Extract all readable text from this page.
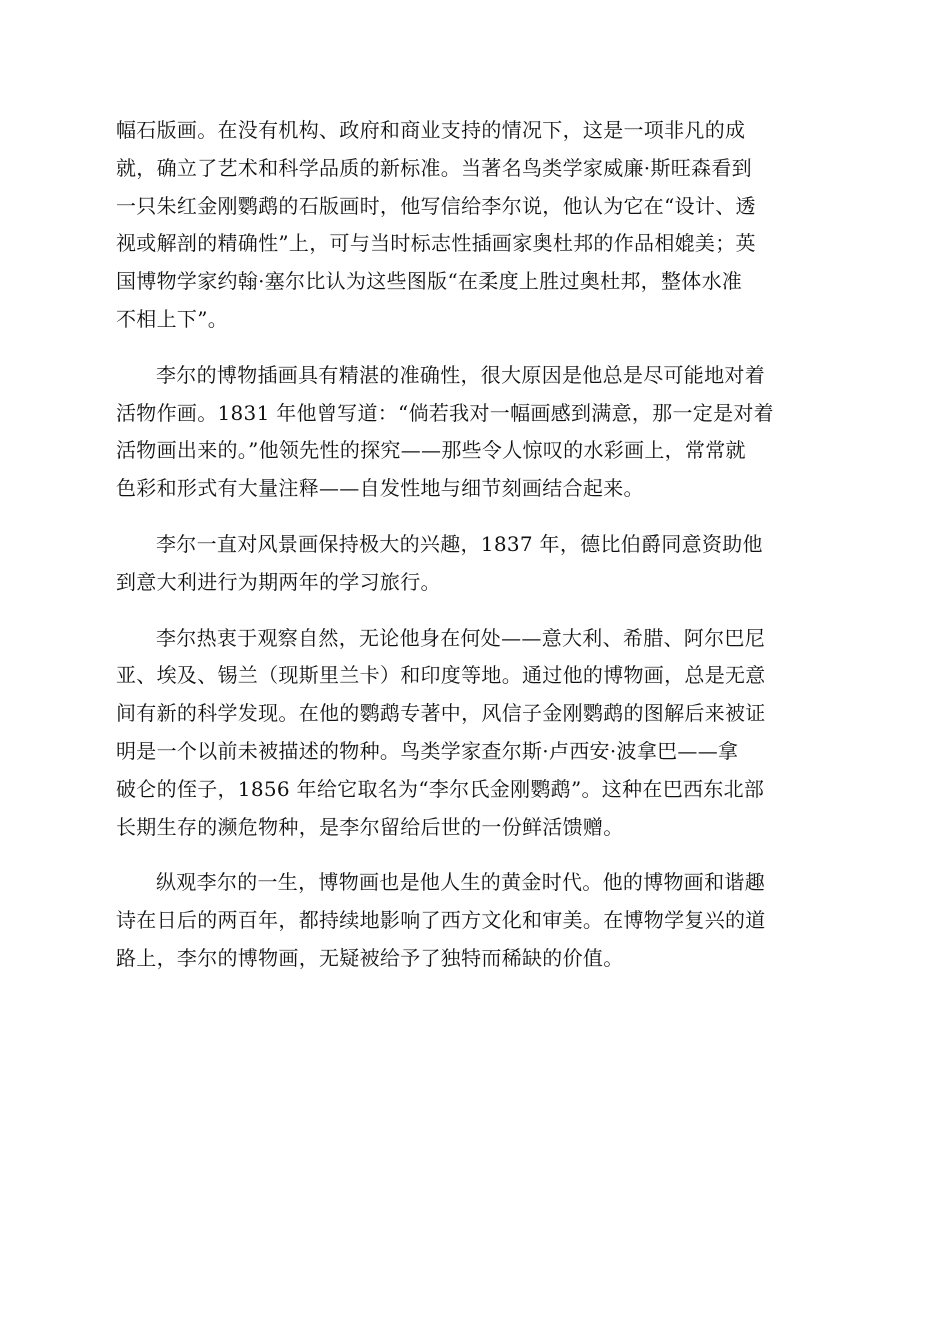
幅石版画。在没有机构、政府和商业支持的情况下，这是一项非凡的成
就，确立了艺术和科学品质的新标准。当著名鸟类学家威廉·斯旺森看到
一只朱红金刚鹦鹉的石版画时，他写信给李尔说，他认为它在“设计、透
视或解剖的精确性”上，可与当时标志性插画家奥杜邦的作品相媲美；英
国博物学家约翰·塞尔比认为这些图版“在柔度上胜过奥杜邦，整体水准
不相上下”。

李尔的博物插画具有精湛的准确性，很大原因是他总是尽可能地对着
活物作画。1831 年他曾写道：“倘若我对一幅画感到满意，那一定是对着
活物画出来的。”他领先性的探究——那些令人惊叹的水彩画上，常常就
色彩和形式有大量注释——自发性地与细节刻画结合起来。

李尔一直对风景画保持极大的兴趣，1837 年，德比伯爵同意资助他
到意大利进行为期两年的学习旅行。

李尔热衷于观察自然，无论他身在何处——意大利、希腊、阿尔巴尼
亚、埃及、锡兰（现斯里兰卡）和印度等地。通过他的博物画，总是无意
间有新的科学发现。在他的鹦鹉专著中，风信子金刚鹦鹉的图解后来被证
明是一个以前未被描述的物种。鸟类学家查尔斯·卢西安·波拿巴——拿
破仑的侄子，1856 年给它取名为“李尔氏金刚鹦鹉”。这种在巴西东北部
长期生存的濒危物种，是李尔留给后世的一份鲜活馈赠。

纵观李尔的一生，博物画也是他人生的黄金时代。他的博物画和谐趣
诗在日后的两百年，都持续地影响了西方文化和审美。在博物学复兴的道
路上，李尔的博物画，无疑被给予了独特而稀缺的价值。
